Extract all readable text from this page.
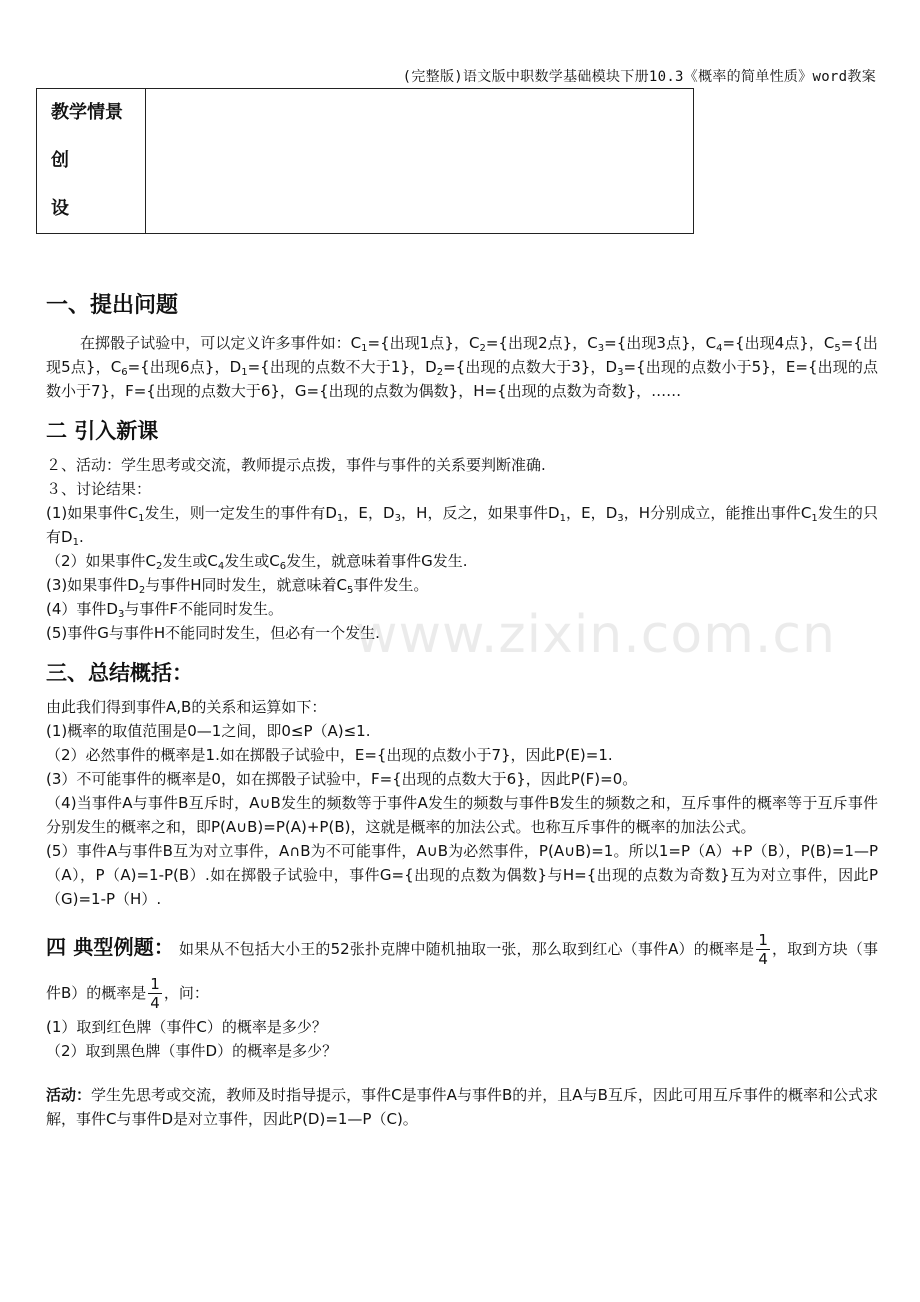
(完整版)语文版中职数学基础模块下册10.3《概率的简单性质》word教案
教学情景
创设

www.zixin.com.cn
一、提出问题

在掷骰子试验中，可以定义许多事件如：$C_1=${出现1点}，$C_2=${出现2点}，$C_3=${出现3点}，$C_4=${出现4点}，$C_5=${出现5点}，$C_6=${出现6点}，$D_1=${出现的点数不大于1}，$D_2=${出现的点数大于3}，$D_3=${出现的点数小于5}，E={出现的点数小于7}，F={出现的点数大于6}，G={出现的点数为偶数}，H={出现的点数为奇数}，……

二 引入新课

２、活动：学生思考或交流，教师提示点拨，事件与事件的关系要判断准确.

３、讨论结果：

(1)如果事件$C_1$发生，则一定发生的事件有$D_1$，E，$D_3$，H，反之，如果事件$D_1$，E，$D_3$，H分别成立，能推出事件$C_1$发生的只有$D_1$.

（2）如果事件$C_2$发生或$C_4$发生或$C_6$发生，就意味着事件G发生.

(3)如果事件$D_2$与事件H同时发生，就意味着$C_5$事件发生。

(4）事件$D_3$与事件F不能同时发生。

(5)事件G与事件H不能同时发生，但必有一个发生.

三、总结概括：

由此我们得到事件A,B的关系和运算如下：

(1)概率的取值范围是0—1之间，即0≤P（A)≤1.

（2）必然事件的概率是1.如在掷骰子试验中，E={出现的点数小于7}，因此P(E)=1.

(3）不可能事件的概率是0，如在掷骰子试验中，F={出现的点数大于6}，因此P(F)=0。

（4)当事件A与事件B互斥时，A∪B发生的频数等于事件A发生的频数与事件B发生的频数之和，互斥事件的概率等于互斥事件分别发生的概率之和，即P(A∪B)=P(A)+P(B)，这就是概率的加法公式。也称互斥事件的概率的加法公式。

(5）事件A与事件B互为对立事件，A∩B为不可能事件，A∪B为必然事件，P(A∪B)=1。所以1=P（A）+P（B），P(B)=1—P（A），P（A)=1-P(B）.如在掷骰子试验中，事件G={出现的点数为偶数}与H={出现的点数为奇数}互为对立事件，因此P（G)=1-P（H）.

四 典型例题： 如果从不包括大小王的52张扑克牌中随机抽取一张，那么取到红心（事件A）的概率是 $\frac{1}{4}$ ，取到方块（事件B）的概率是 $\frac{1}{4}$ ，问：

(1）取到红色牌（事件C）的概率是多少？

（2）取到黑色牌（事件D）的概率是多少？

活动：学生先思考或交流，教师及时指导提示，事件C是事件A与事件B的并，且A与B互斥，因此可用互斥事件的概率和公式求解，事件C与事件D是对立事件，因此P(D)=1—P（C)。
